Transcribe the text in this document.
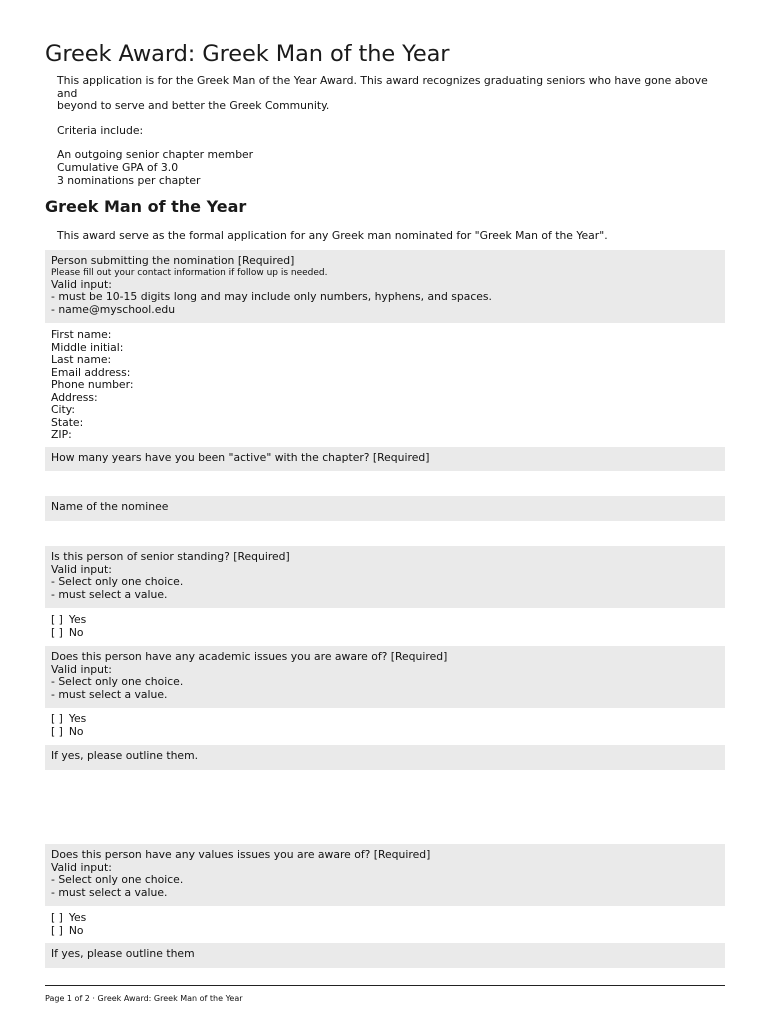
Greek Award: Greek Man of the Year

This application is for the Greek Man of the Year Award. This award recognizes graduating seniors who have gone above and

beyond to serve and better the Greek Community.

Criteria include:

An outgoing senior chapter member

Cumulative GPA of 3.0

3 nominations per chapter

Greek Man of the Year
This award serve as the formal application for any Greek man nominated for "Greek Man of the Year".
Person submitting the nomination [Required]
Please fill out your contact information if follow up is needed.
Valid input:
- must be 10-15 digits long and may include only numbers, hyphens, and spaces.
- name@myschool.edu
First name:
Middle initial:
Last name:
Email address:
Phone number:
Address:
City:
State:
ZIP:
How many years have you been "active" with the chapter? [Required]
Name of the nominee
Is this person of senior standing? [Required]
Valid input:
- Select only one choice.
- must select a value.
[ ] Yes
[ ] No
Does this person have any academic issues you are aware of? [Required]
Valid input:
- Select only one choice.
- must select a value.
[ ] Yes
[ ] No
If yes, please outline them.
Does this person have any values issues you are aware of? [Required]
Valid input:
- Select only one choice.
- must select a value.
[ ] Yes
[ ] No
If yes, please outline them
Page 1 of 2 · Greek Award: Greek Man of the Year
